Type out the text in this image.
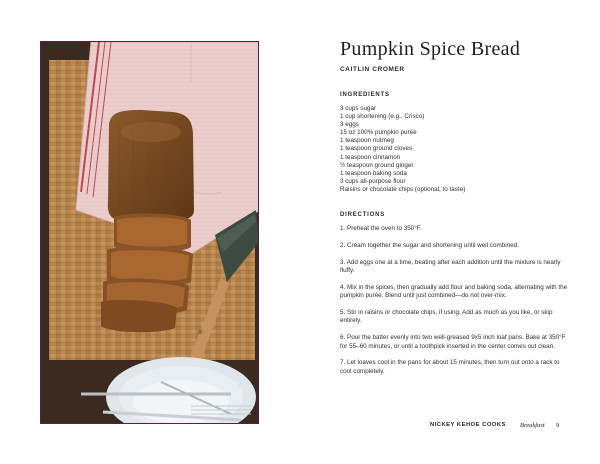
Pumpkin Spice Bread
CAITLIN CROMER
INGREDIENTS
3 cups sugar
1 cup shortening (e.g., Crisco)
3 eggs
15 oz 100% pumpkin purée
1 teaspoon nutmeg
1 teaspoon ground cloves
1 teaspoon cinnamon
½ teaspoon ground ginger
1 teaspoon baking soda
3 cups all-purpose flour
Raisins or chocolate chips (optional, to taste)
DIRECTIONS
1. Preheat the oven to 350°F.
2. Cream together the sugar and shortening until well combined.
3. Add eggs one at a time, beating after each addition until the mixture is nearly fluffy.
4. Mix in the spices, then gradually add flour and baking soda, alternating with the pumpkin purée. Blend until just combined—do not over-mix.
5. Stir in raisins or chocolate chips, if using. Add as much as you like, or skip entirely.
6. Pour the batter evenly into two well-greased 9x5 inch loaf pans. Bake at 350°F for 55–60 minutes, or until a toothpick inserted in the center comes out clean.
7. Let loaves cool in the pans for about 15 minutes, then turn out onto a rack to cool completely.
NICKEY KEHOE COOKS Breakfast 9
